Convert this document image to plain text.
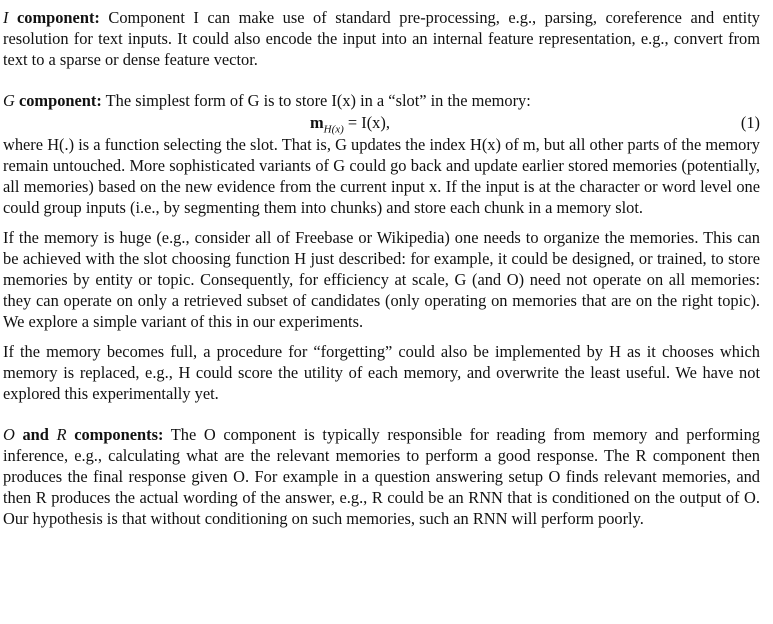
I component: Component I can make use of standard pre-processing, e.g., parsing, coreference and entity resolution for text inputs. It could also encode the input into an internal feature representation, e.g., convert from text to a sparse or dense feature vector.

G component: The simplest form of G is to store I(x) in a “slot” in the memory:

$m_{H(x)} = I(x)$,	(1)

where H(.) is a function selecting the slot. That is, G updates the index H(x) of m, but all other parts of the memory remain untouched. More sophisticated variants of G could go back and update earlier stored memories (potentially, all memories) based on the new evidence from the current input x. If the input is at the character or word level one could group inputs (i.e., by segmenting them into chunks) and store each chunk in a memory slot.

If the memory is huge (e.g., consider all of Freebase or Wikipedia) one needs to organize the memories. This can be achieved with the slot choosing function H just described: for example, it could be designed, or trained, to store memories by entity or topic. Consequently, for efficiency at scale, G (and O) need not operate on all memories: they can operate on only a retrieved subset of candidates (only operating on memories that are on the right topic). We explore a simple variant of this in our experiments.

If the memory becomes full, a procedure for “forgetting” could also be implemented by H as it chooses which memory is replaced, e.g., H could score the utility of each memory, and overwrite the least useful. We have not explored this experimentally yet.

O and R components: The O component is typically responsible for reading from memory and performing inference, e.g., calculating what are the relevant memories to perform a good response. The R component then produces the final response given O. For example in a question answering setup O finds relevant memories, and then R produces the actual wording of the answer, e.g., R could be an RNN that is conditioned on the output of O. Our hypothesis is that without conditioning on such memories, such an RNN will perform poorly.
